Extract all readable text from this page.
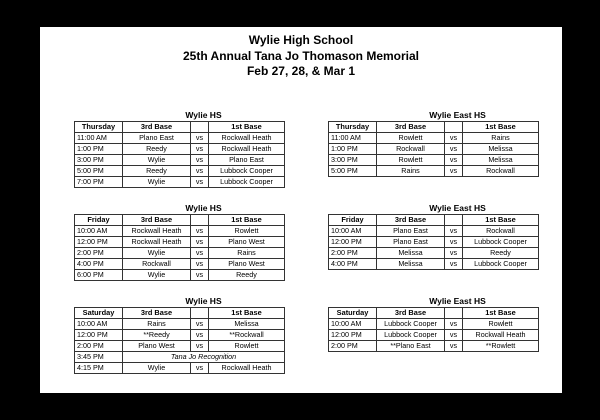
Wylie High School
25th Annual Tana Jo Thomason Memorial
Feb 27, 28, & Mar 1
	Wylie HS		
Thursday	3rd Base		1st Base
11:00 AM	Plano East	vs	Rockwall Heath
1:00 PM	Reedy	vs	Rockwall Heath
3:00 PM	Wylie	vs	Plano East
5:00 PM	Reedy	vs	Lubbock Cooper
7:00 PM	Wylie	vs	Lubbock Cooper
	Wylie East HS		
Thursday	3rd Base		1st Base
11:00 AM	Rowlett	vs	Rains
1:00 PM	Rockwall	vs	Melissa
3:00 PM	Rowlett	vs	Melissa
5:00 PM	Rains	vs	Rockwall
	Wylie HS		
Friday	3rd Base		1st Base
10:00 AM	Rockwall Heath	vs	Rowlett
12:00 PM	Rockwall Heath	vs	Plano West
2:00 PM	Wylie	vs	Rains
4:00 PM	Rockwall	vs	Plano West
6:00 PM	Wylie	vs	Reedy
	Wylie East HS		
Friday	3rd Base		1st Base
10:00 AM	Plano East	vs	Rockwall
12:00 PM	Plano East	vs	Lubbock Cooper
2:00 PM	Melissa	vs	Reedy
4:00 PM	Melissa	vs	Lubbock Cooper
	Wylie HS		
Saturday	3rd Base		1st Base
10:00 AM	Rains	vs	Melissa
12:00 PM	**Reedy	vs	**Rockwall
2:00 PM	Plano West	vs	Rowlett
3:45 PM	Tana Jo Recognition		
4:15 PM	Wylie	vs	Rockwall Heath
	Wylie East HS		
Saturday	3rd Base		1st Base
10:00 AM	Lubbock Cooper	vs	Rowlett
12:00 PM	Lubbock Cooper	vs	Rockwall Heath
2:00 PM	**Plano East	vs	**Rowlett
